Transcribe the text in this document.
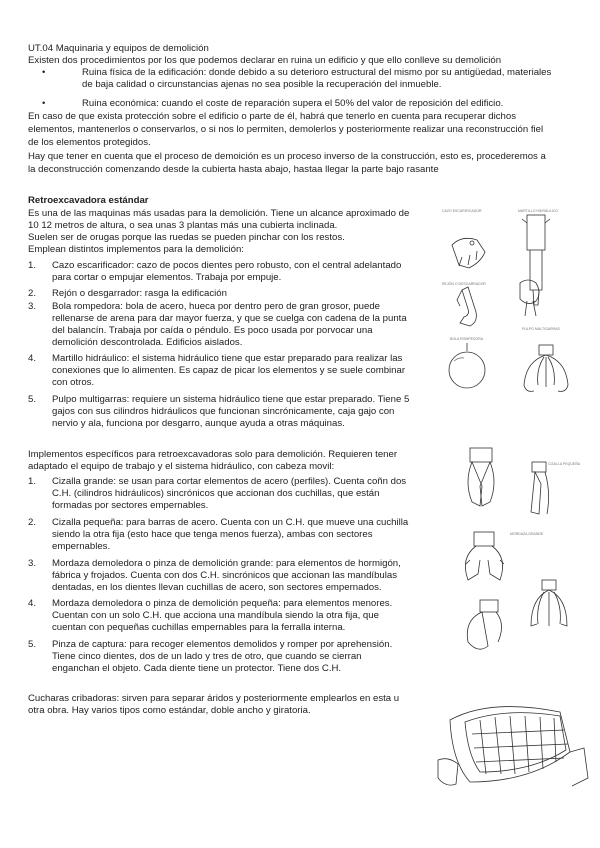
UT.04 Maquinaria y equipos de demolición
Existen dos procedimientos por los que podemos declarar en ruina un edificio y que ello conlleve su demolición
•	Ruina física de la edificación: donde debido a su deterioro estructural del mismo por su antigüedad, materiales
de baja calidad o circunstancias ajenas no sea posible la recuperación del inmueble.
•	Ruina económica: cuando el coste de reparación supera el 50% del valor de reposición del edificio.
En caso de que exista protección sobre el edificio o parte de él, habrá que tenerlo en cuenta para recuperar dichos
elementos, mantenerlos o conservarlos, o si nos lo permiten, demolerlos y posteriormente realizar una reconstrucción fiel
de los elementos protegidos.
Hay que tener en cuenta que el proceso de demoición es un proceso inverso de la construcción, esto es, procederemos a
la deconstrucción comenzando desde la cubierta hasta abajo, hastaa llegar la parte bajo rasante
Retroexcavadora estándar
Es una de las maquinas más usadas para la demolición. Tiene un alcance aproximado de
10 12 metros de altura, o sea unas 3 plantas más una cubierta inclinada.
Suelen ser de orugas porque las ruedas se pueden pinchar con los restos.
Emplean distintos implementos para la demolición:
1. Cazo escarificador: cazo de pocos dientes pero robusto, con el central adelantado
para cortar o empujar elementos. Trabaja por empuje.
2. Rejón o desgarrador: rasga la edificación
3. Bola rompedora: bola de acero, hueca por dentro pero de gran grosor, puede
rellenarse de arena para dar mayor fuerza, y que se cuelga con cadena de la punta
del balancín. Trabaja por caída o péndulo. Es poco usada por porvocar una
demolición descontrolada. Edificios aislados.
4. Martillo hidráulico: el sistema hidráulico tiene que estar preparado para realizar las
conexiones que lo alimenten. Es capaz de picar los elementos y se suele combinar
con otros.
5. Pulpo multigarras: requiere un sistema hidráulico tiene que estar preparado. Tiene 5
gajos con sus cilindros hidráulicos que funcionan sincrónicamente, caja gajo con
nervio y ala, funciona por desgarro, aunque ayuda a otras máquinas.
Implementos específicos para retroexcavadoras solo para demolición. Requieren tener
adaptado el equipo de trabajo y el sistema hidráulico, con cabeza movil:
1. Cizalla grande: se usan para cortar elementos de acero (perfiles). Cuenta coñn dos
C.H. (cilindros hidráulicos) sincrónicos que accionan dos cuchillas, que están
formadas por sectores empernables.
2. Cizalla pequeña: para barras de acero. Cuenta con un C.H. que mueve una cuchilla
siendo la otra fija (esto hace que tenga menos fuerza), ambas con sectores
empernables.
3. Mordaza demoledora o pinza de demolición grande: para elementos de hormigón,
fábrica y frojados. Cuenta con dos C.H. sincrónicos que accionan las mandíbulas
dentadas, en los dientes llevan cuchillas de acero, son sectores empernados.
4. Mordaza demoledora o pinza de demolición pequeña: para elementos menores.
Cuentan con un solo C.H. que acciona una mandíbula siendo la otra fija, que
cuentan con pequeñas cuchillas empernables para la ferralla interna.
5. Pinza de captura: para recoger elementos demolidos y romper por aprehensión.
Tiene cinco dientes, dos de un lado y tres de otro, que cuando se cierran
enganchan el objeto. Cada diente tiene un protector. Tiene dos C.H.
Cucharas cribadoras: sirven para separar áridos y posteriormente emplearlos en esta u
otra obra. Hay varios tipos como estándar, doble ancho y giratoria.
CAZO ESCARIFICADOR	MARTILLO HIDRÁULICO
REJÓN O DESGARRADOR
PULPO MULTIGARRAS
BOLA ROMPEDORA
CIZALLA PEQUEÑA
MORDAZA GRANDE
